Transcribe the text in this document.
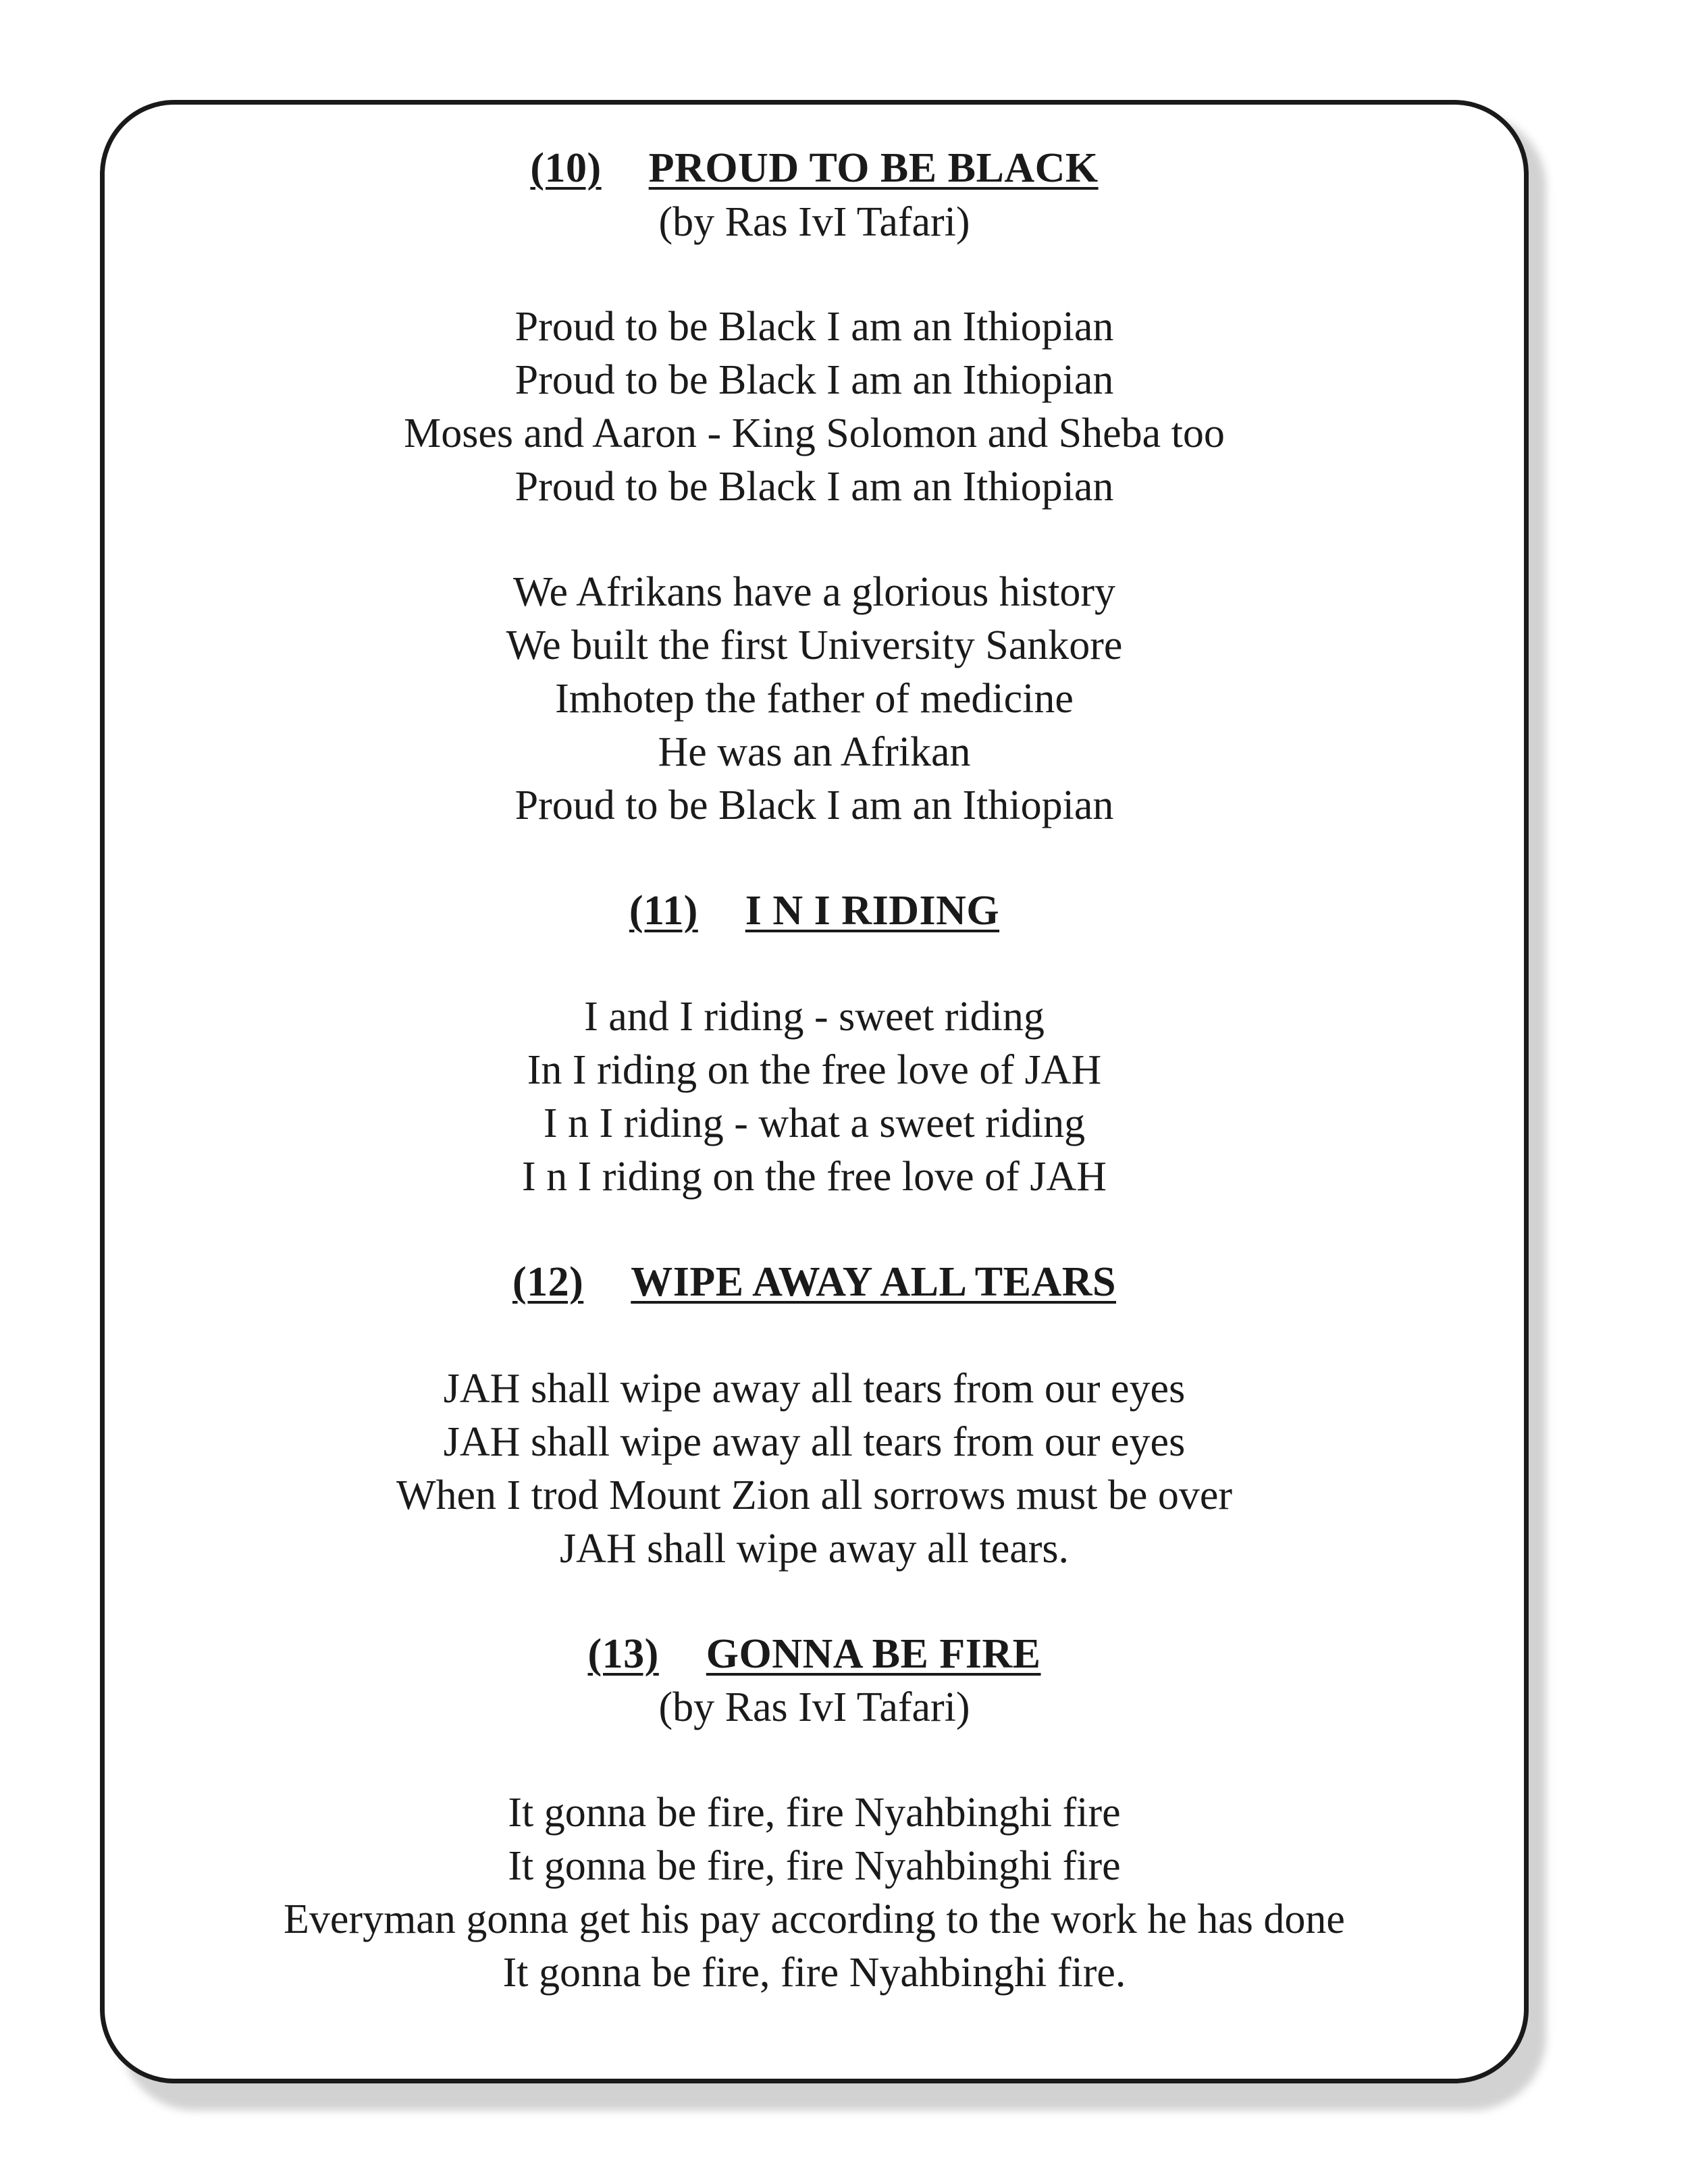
(10) PROUD TO BE BLACK
(by Ras IvI Tafari)
Proud to be Black I am an Ithiopian
Proud to be Black I am an Ithiopian
Moses and Aaron - King Solomon and Sheba too
Proud to be Black I am an Ithiopian
We Afrikans have a glorious history
We built the first University Sankore
Imhotep the father of medicine
He was an Afrikan
Proud to be Black I am an Ithiopian
(11) I N I RIDING
I and I riding - sweet riding
In I riding on the free love of JAH
I n I riding - what a sweet riding
I n I riding on the free love of JAH
(12) WIPE AWAY ALL TEARS
JAH shall wipe away all tears from our eyes
JAH shall wipe away all tears from our eyes
When I trod Mount Zion all sorrows must be over
JAH shall wipe away all tears.
(13) GONNA BE FIRE
(by Ras IvI Tafari)
It gonna be fire, fire Nyahbinghi fire
It gonna be fire, fire Nyahbinghi fire
Everyman gonna get his pay according to the work he has done
It gonna be fire, fire Nyahbinghi fire.
